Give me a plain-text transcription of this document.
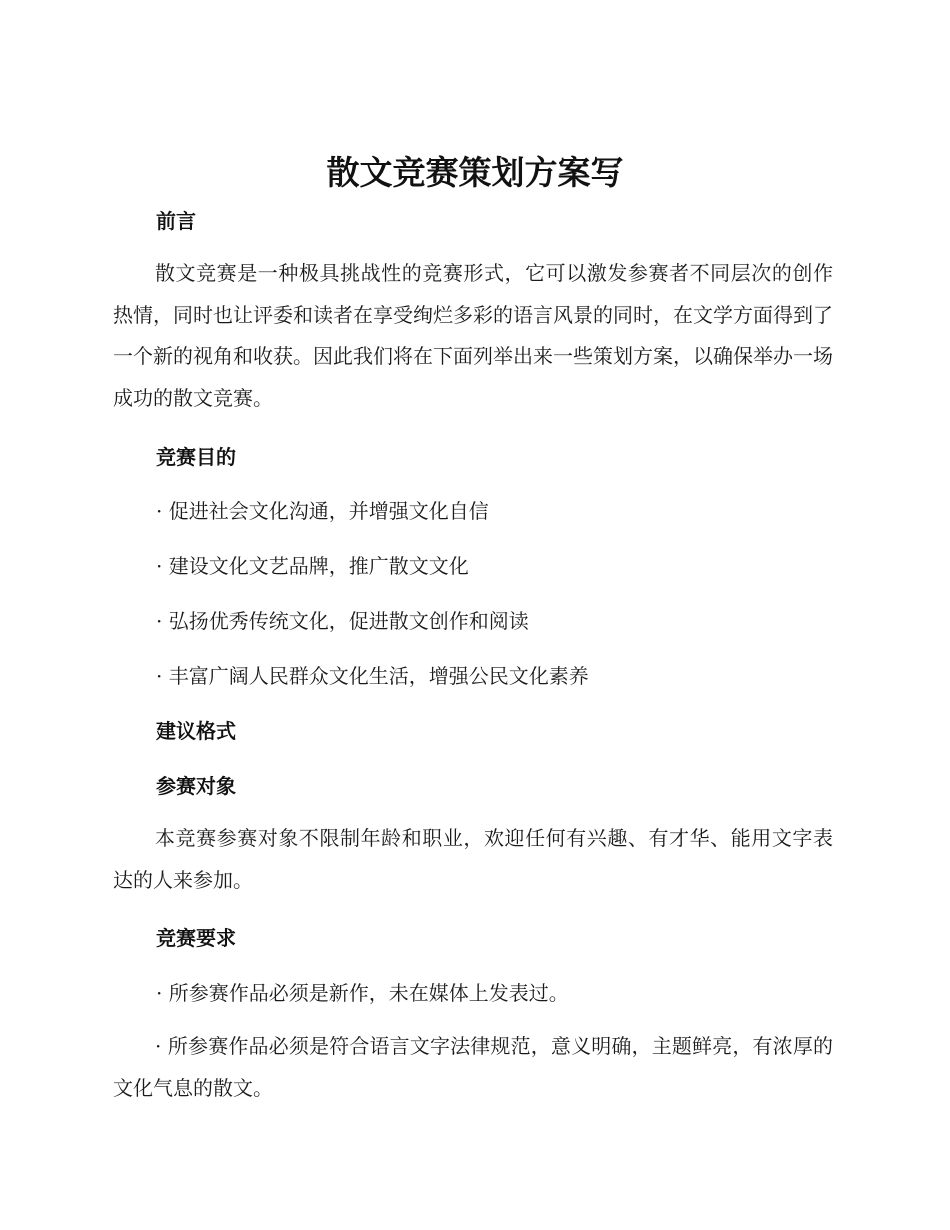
散文竞赛策划方案写
前言

散文竞赛是一种极具挑战性的竞赛形式，它可以激发参赛者不同层次的创作热情，同时也让评委和读者在享受绚烂多彩的语言风景的同时，在文学方面得到了一个新的视角和收获。因此我们将在下面列举出来一些策划方案，以确保举办一场成功的散文竞赛。

竞赛目的
· 促进社会文化沟通，并增强文化自信
· 建设文化文艺品牌，推广散文文化
· 弘扬优秀传统文化，促进散文创作和阅读
· 丰富广阔人民群众文化生活，增强公民文化素养
建议格式
参赛对象

本竞赛参赛对象不限制年龄和职业，欢迎任何有兴趣、有才华、能用文字表达的人来参加。

竞赛要求
· 所参赛作品必须是新作，未在媒体上发表过。

· 所参赛作品必须是符合语言文字法律规范，意义明确，主题鲜亮，有浓厚的文化气息的散文。
